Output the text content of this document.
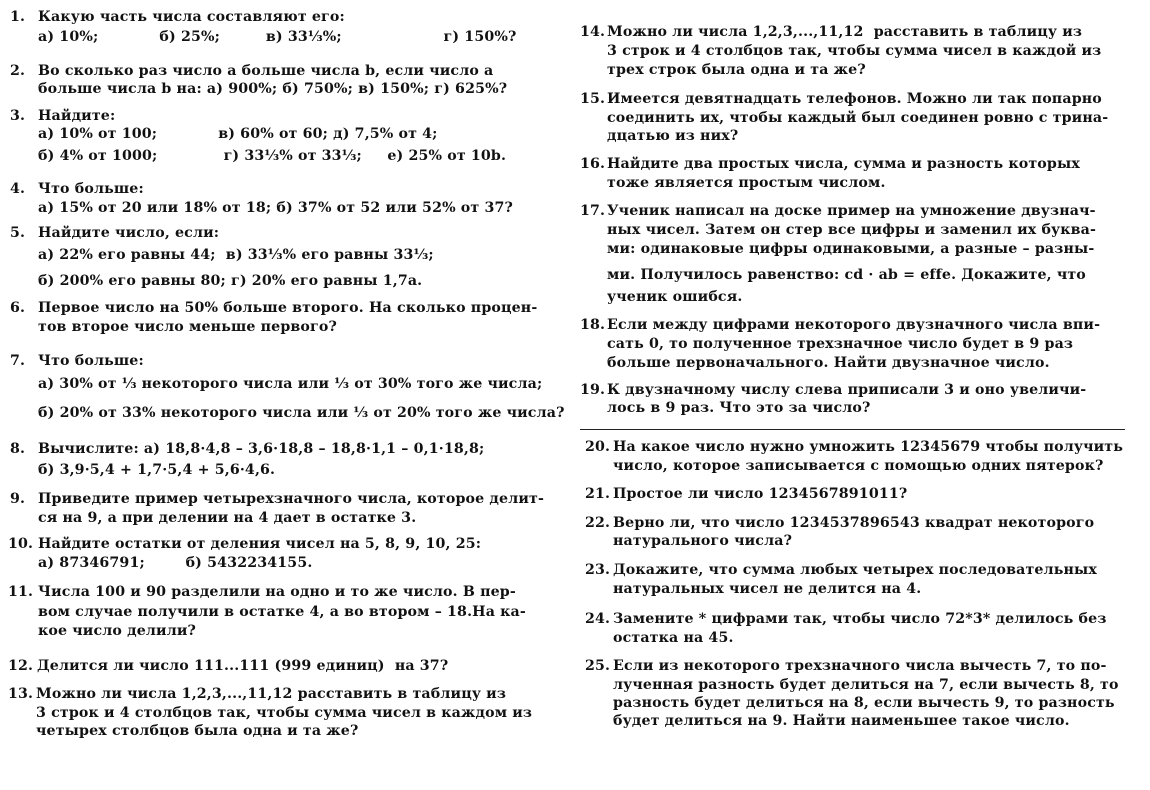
1. Какую часть числа составляют его:
а) 10%;            б) 25%;         в) 33⅓%;                    г) 150%?
2. Во сколько раз число a больше числа b, если число a
больше числа b на: а) 900%; б) 750%; в) 150%; г) 625%?
3. Найдите:
а) 10% от 100;            в) 60% от 60; д) 7,5% от 4;
б) 4% от 1000;             г) 33⅓% от 33⅓;     е) 25% от 10b.
4. Что больше:
а) 15% от 20 или 18% от 18; б) 37% от 52 или 52% от 37?
5. Найдите число, если:
а) 22% его равны 44;  в) 33⅓% его равны 33⅓;
б) 200% его равны 80; г) 20% его равны 1,7a.
6. Первое число на 50% больше второго. На сколько процен-
тов второе число меньше первого?
7. Что больше:
а) 30% от ⅓ некоторого числа или ⅓ от 30% того же числа;
б) 20% от 33% некоторого числа или ⅓ от 20% того же числа?
8. Вычислите: а) 18,8·4,8 – 3,6·18,8 – 18,8·1,1 – 0,1·18,8;
б) 3,9·5,4 + 1,7·5,4 + 5,6·4,6.
9. Приведите пример четырехзначного числа, которое делит-
ся на 9, а при делении на 4 дает в остатке 3.
10. Найдите остатки от деления чисел на 5, 8, 9, 10, 25:
а) 87346791;        б) 5432234155.
11. Числа 100 и 90 разделили на одно и то же число. В пер-
вом случае получили в остатке 4, а во втором – 18.На ка-
кое число делили?
12. Делится ли число 111...111 (999 единиц)  на 37?
13. Можно ли числа 1,2,3,...,11,12 расставить в таблицу из
3 строк и 4 столбцов так, чтобы сумма чисел в каждом из
четырех столбцов была одна и та же?
14. Можно ли числа 1,2,3,...,11,12  расставить в таблицу из
3 строк и 4 столбцов так, чтобы сумма чисел в каждой из
трех строк была одна и та же?
15. Имеется девятнадцать телефонов. Можно ли так попарно
соединить их, чтобы каждый был соединен ровно с трина-
дцатью из них?
16. Найдите два простых числа, сумма и разность которых
тоже является простым числом.
17. Ученик написал на доске пример на умножение двузнач-
ных чисел. Затем он стер все цифры и заменил их буква-
ми: одинаковые цифры одинаковыми, а разные – разны-
ми. Получилось равенство: cd · ab = effe. Докажите, что
ученик ошибся.
18. Если между цифрами некоторого двузначного числа впи-
сать 0, то полученное трехзначное число будет в 9 раз
больше первоначального. Найти двузначное число.
19. К двузначному числу слева приписали 3 и оно увеличи-
лось в 9 раз. Что это за число?
20. На какое число нужно умножить 12345679 чтобы получить
число, которое записывается с помощью одних пятерок?
21. Простое ли число 1234567891011?
22. Верно ли, что число 1234537896543 квадрат некоторого
натурального числа?
23. Докажите, что сумма любых четырех последовательных
натуральных чисел не делится на 4.
24. Замените * цифрами так, чтобы число 72*3* делилось без
остатка на 45.
25. Если из некоторого трехзначного числа вычесть 7, то по-
лученная разность будет делиться на 7, если вычесть 8, то
разность будет делиться на 8, если вычесть 9, то разность
будет делиться на 9. Найти наименьшее такое число.
